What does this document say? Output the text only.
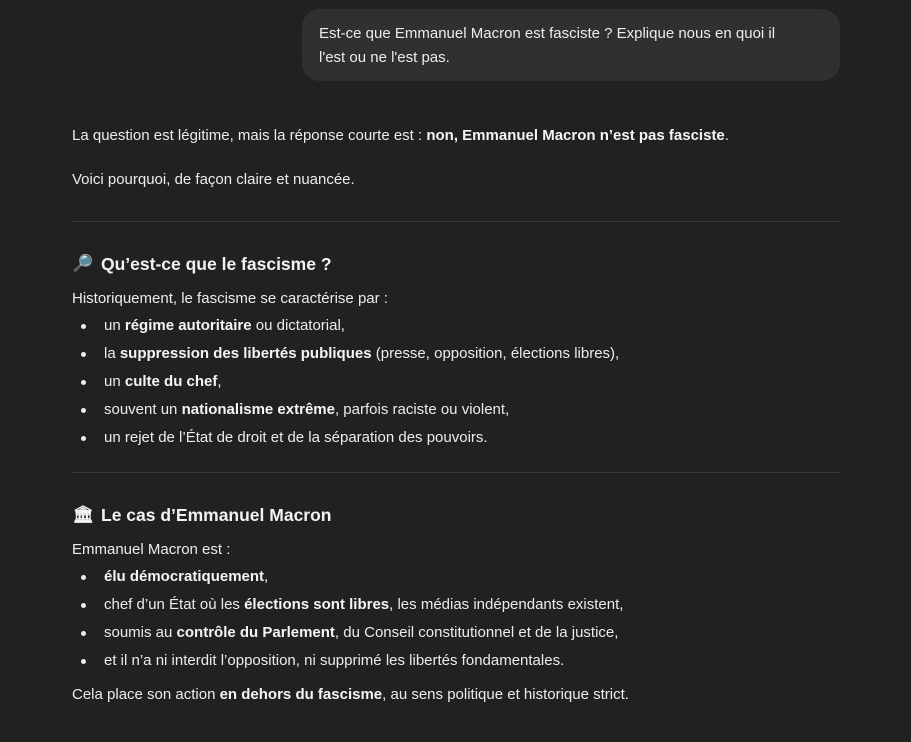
Est-ce que Emmanuel Macron est fasciste ? Explique nous en quoi il
l'est ou ne l'est pas.

La question est légitime, mais la réponse courte est : non, Emmanuel Macron n’est pas fasciste.

Voici pourquoi, de façon claire et nuancée.

🔎 Qu’est-ce que le fascisme ?

Historiquement, le fascisme se caractérise par :

un régime autoritaire ou dictatorial,
la suppression des libertés publiques (presse, opposition, élections libres),
un culte du chef,
souvent un nationalisme extrême, parfois raciste ou violent,
un rejet de l’État de droit et de la séparation des pouvoirs.
🏛 Le cas d’Emmanuel Macron

Emmanuel Macron est :

élu démocratiquement,
chef d’un État où les élections sont libres, les médias indépendants existent,
soumis au contrôle du Parlement, du Conseil constitutionnel et de la justice,
et il n’a ni interdit l’opposition, ni supprimé les libertés fondamentales.

Cela place son action en dehors du fascisme, au sens politique et historique strict.
